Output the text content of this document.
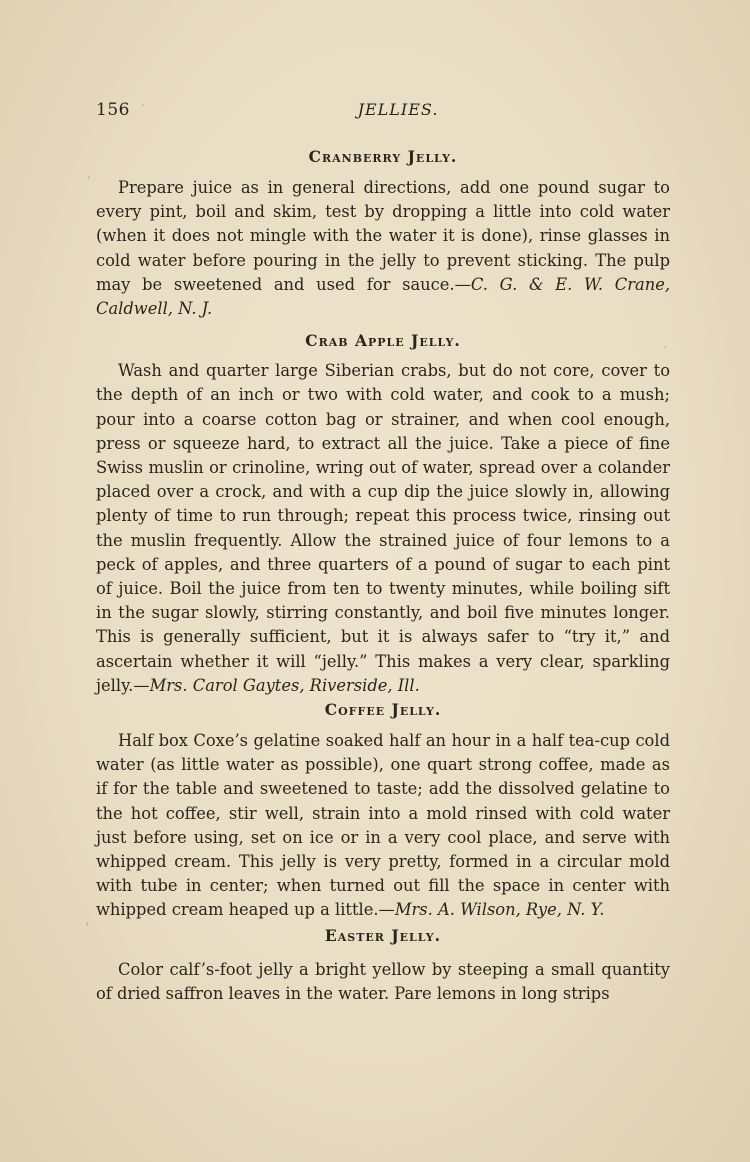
156	JELLIES.
Cranberry Jelly.

Prepare juice as in general directions, add one pound sugar to every pint, boil and skim, test by dropping a little into cold water (when it does not mingle with the water it is done), rinse glasses in cold water before pouring in the jelly to prevent sticking. The pulp may be sweetened and used for sauce.—C. G. & E. W. Crane, Caldwell, N. J.

Crab Apple Jelly.

Wash and quarter large Siberian crabs, but do not core, cover to the depth of an inch or two with cold water, and cook to a mush; pour into a coarse cotton bag or strainer, and when cool enough, press or squeeze hard, to extract all the juice. Take a piece of fine Swiss muslin or crinoline, wring out of water, spread over a colander placed over a crock, and with a cup dip the juice slowly in, allowing plenty of time to run through; repeat this process twice, rinsing out the muslin frequently. Allow the strained juice of four lemons to a peck of apples, and three quarters of a pound of sugar to each pint of juice. Boil the juice from ten to twenty minutes, while boiling sift in the sugar slowly, stirring constantly, and boil five minutes longer. This is generally sufficient, but it is always safer to “try it,” and ascertain whether it will “jelly.” This makes a very clear, sparkling jelly.—Mrs. Carol Gaytes, Riverside, Ill.

Coffee Jelly.

Half box Coxe’s gelatine soaked half an hour in a half tea-cup cold water (as little water as possible), one quart strong coffee, made as if for the table and sweetened to taste; add the dissolved gelatine to the hot coffee, stir well, strain into a mold rinsed with cold water just before using, set on ice or in a very cool place, and serve with whipped cream. This jelly is very pretty, formed in a circular mold with tube in center; when turned out fill the space in center with whipped cream heaped up a little.—Mrs. A. Wilson, Rye, N. Y.

Easter Jelly.

Color calf’s-foot jelly a bright yellow by steeping a small quantity of dried saffron leaves in the water. Pare lemons in long strips
